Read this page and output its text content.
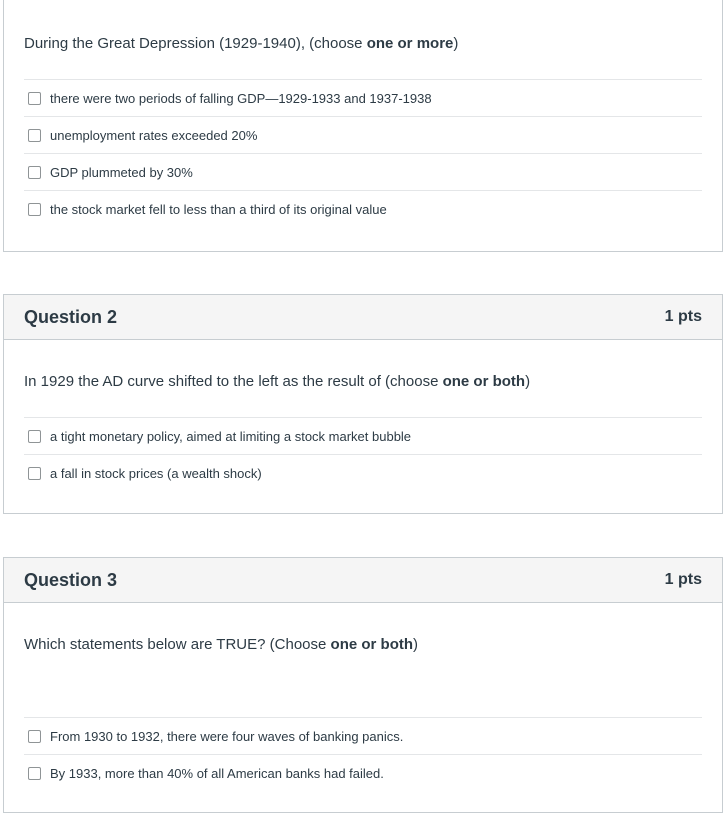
During the Great Depression (1929-1940), (choose one or more)
there were two periods of falling GDP—1929-1933 and 1937-1938
unemployment rates exceeded 20%
GDP plummeted by 30%
the stock market fell to less than a third of its original value
Question 2	1 pts
In 1929 the AD curve shifted to the left as the result of (choose one or both)
a tight monetary policy, aimed at limiting a stock market bubble
a fall in stock prices (a wealth shock)
Question 3	1 pts
Which statements below are TRUE? (Choose one or both)
From 1930 to 1932, there were four waves of banking panics.
By 1933, more than 40% of all American banks had failed.
